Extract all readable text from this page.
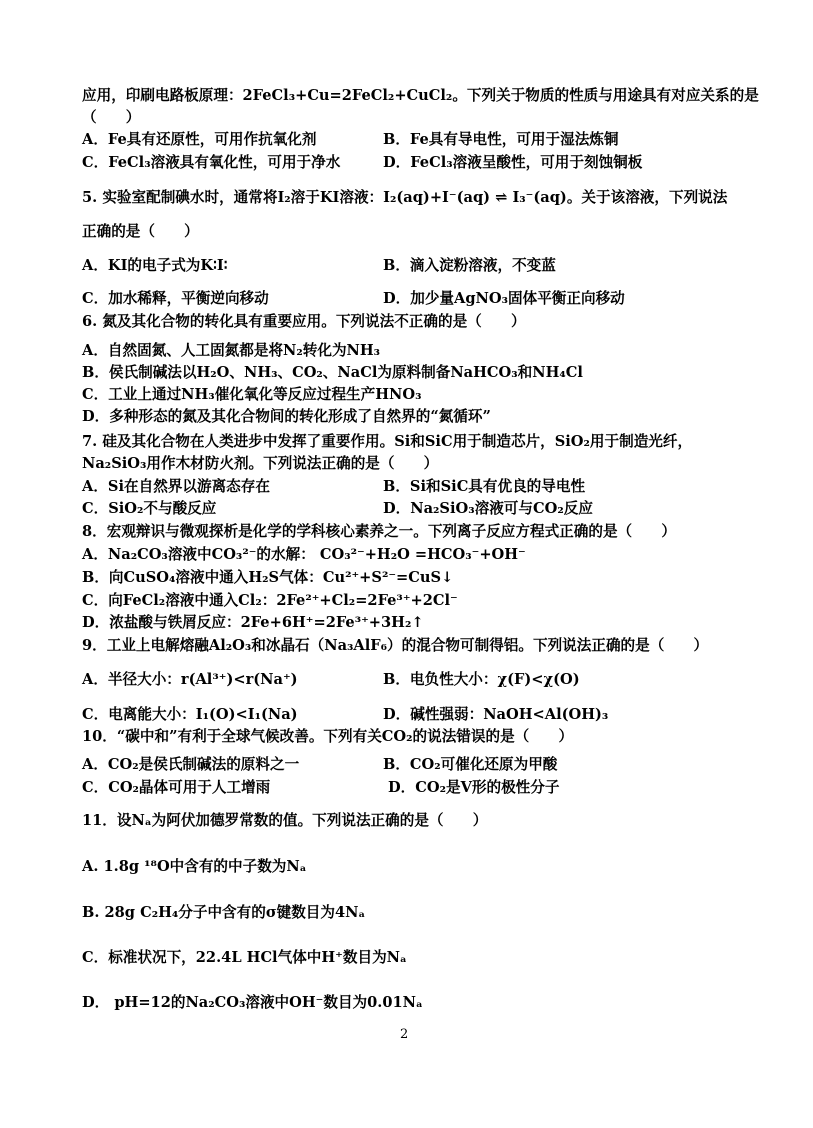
应用，印刷电路板原理：2FeCl₃+Cu=2FeCl₂+CuCl₂。下列关于物质的性质与用途具有对应关系的是
（　　）
A．Fe具有还原性，可用作抗氧化剂	B．Fe具有导电性，可用于湿法炼铜
C．FeCl₃溶液具有氧化性，可用于净水	D．FeCl₃溶液呈酸性，可用于刻蚀铜板
5. 实验室配制碘水时，通常将I₂溶于KI溶液：I₂(aq)+I⁻(aq) ⇌ I₃⁻(aq)。关于该溶液，下列说法
正确的是（　　）
A．KI的电子式为K∶I∶	B．滴入淀粉溶液，不变蓝
C．加水稀释，平衡逆向移动	D．加少量AgNO₃固体平衡正向移动
6. 氮及其化合物的转化具有重要应用。下列说法不正确的是（　　）
A．自然固氮、人工固氮都是将N₂转化为NH₃
B．侯氏制碱法以H₂O、NH₃、CO₂、NaCl为原料制备NaHCO₃和NH₄Cl
C．工业上通过NH₃催化氧化等反应过程生产HNO₃
D．多种形态的氮及其化合物间的转化形成了自然界的“氮循环”
7. 硅及其化合物在人类进步中发挥了重要作用。Si和SiC用于制造芯片，SiO₂用于制造光纤，
Na₂SiO₃用作木材防火剂。下列说法正确的是（　　）
A．Si在自然界以游离态存在	B．Si和SiC具有优良的导电性
C．SiO₂不与酸反应	D．Na₂SiO₃溶液可与CO₂反应
8．宏观辩识与微观探析是化学的学科核心素养之一。下列离子反应方程式正确的是（　　）
A．Na₂CO₃溶液中CO₃²⁻的水解： CO₃²⁻+H₂O =HCO₃⁻+OH⁻
B．向CuSO₄溶液中通入H₂S气体：Cu²⁺+S²⁻=CuS↓
C．向FeCl₂溶液中通入Cl₂：2Fe²⁺+Cl₂=2Fe³⁺+2Cl⁻
D．浓盐酸与铁屑反应：2Fe+6H⁺=2Fe³⁺+3H₂↑
9．工业上电解熔融Al₂O₃和冰晶石（Na₃AlF₆）的混合物可制得铝。下列说法正确的是（　　）
A．半径大小：r(Al³⁺)<r(Na⁺)	B．电负性大小：χ(F)<χ(O)
C．电离能大小：I₁(O)<I₁(Na)	D．碱性强弱：NaOH<Al(OH)₃
10．“碳中和”有利于全球气候改善。下列有关CO₂的说法错误的是（　　）
A．CO₂是侯氏制碱法的原料之一	B．CO₂可催化还原为甲酸
C．CO₂晶体可用于人工增雨	D．CO₂是V形的极性分子
11．设Nₐ为阿伏加德罗常数的值。下列说法正确的是（　　）
A. 1.8g ¹⁸O中含有的中子数为Nₐ
B. 28g C₂H₄分子中含有的σ键数目为4Nₐ
C．标准状况下，22.4L HCl气体中H⁺数目为Nₐ
D． pH=12的Na₂CO₃溶液中OH⁻数目为0.01Nₐ
2
